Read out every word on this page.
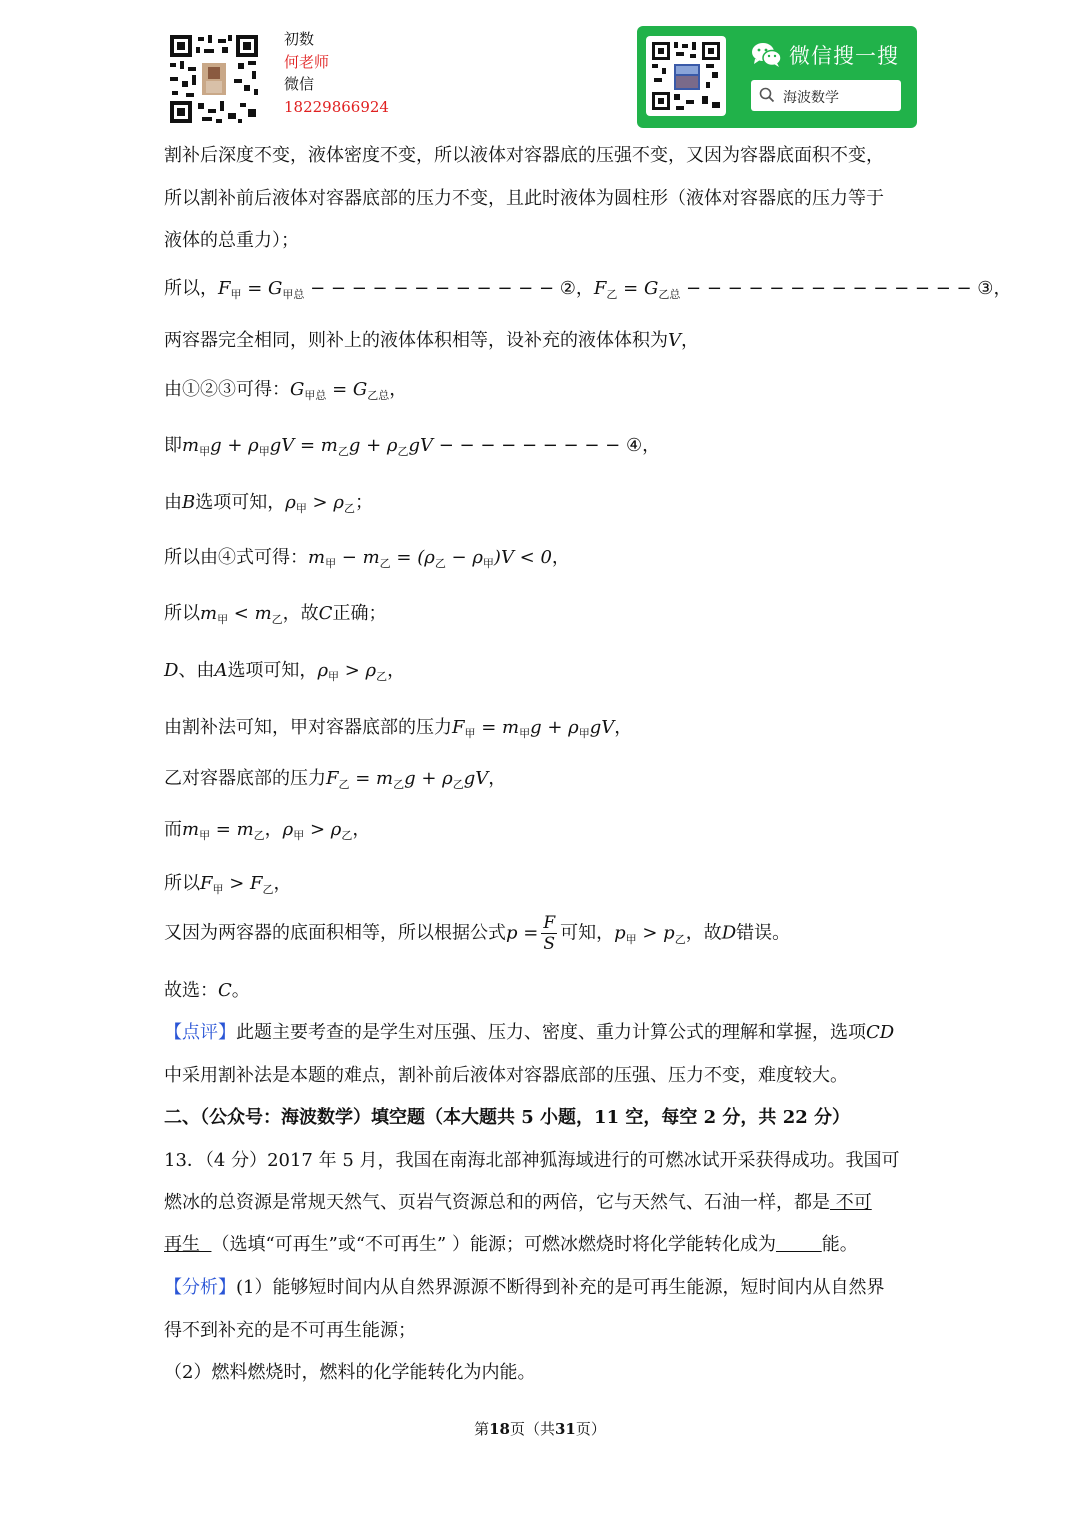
初数
何老师
微信
18229866924
微信搜一搜
海波数学
割补后深度不变，液体密度不变，所以液体对容器底的压强不变，又因为容器底面积不变，
所以割补前后液体对容器底部的压力不变，且此时液体为圆柱形（液体对容器底的压力等于
液体的总重力）；
所以，$F_甲 = G_{甲总}$ − − − − − − − − − − − − ②，$F_乙 = G_{乙总}$ − − − − − − − − − − − − − − ③，
两容器完全相同，则补上的液体体积相等，设补充的液体体积为V，
由①②③可得：$G_{甲总} = G_{乙总}$，
即$m_甲g + \rho_甲gV = m_乙g + \rho_乙gV$ − − − − − − − − − ④，
由B选项可知，$\rho_甲 > \rho_乙$；
所以由④式可得：$m_甲 - m_乙 = (\rho_乙 - \rho_甲)V < 0$，
所以$m_甲 < m_乙$，故C正确；
D、由A选项可知，$\rho_甲 > \rho_乙$，
由割补法可知，甲对容器底部的压力$F_甲 = m_甲g + \rho_甲gV$，
乙对容器底部的压力$F_乙 = m_乙g + \rho_乙gV$，
而$m_甲 = m_乙$，$\rho_甲 > \rho_乙$，
所以$F_甲 > F_乙$，
又因为两容器的底面积相等，所以根据公式$p = \frac{F}{S}$ 可知，$p_甲 > p_乙$，故D错误。
故选：C。
【点评】此题主要考查的是学生对压强、压力、密度、重力计算公式的理解和掌握，选项CD
中采用割补法是本题的难点，割补前后液体对容器底部的压强、压力不变，难度较大。
二、（公众号：海波数学）填空题（本大题共 5 小题，11 空，每空 2 分，共 22 分）
13．（4 分）2017 年 5 月，我国在南海北部神狐海域进行的可燃冰试开采获得成功。我国可
燃冰的总资源是常规天然气、页岩气资源总和的两倍，它与天然气、石油一样，都是 不可
再生  （选填“可再生”或“不可再生” ）能源；可燃冰燃烧时将化学能转化成为	能。
【分析】(1）能够短时间内从自然界源源不断得到补充的是可再生能源，短时间内从自然界
得不到补充的是不可再生能源；
（2）燃料燃烧时，燃料的化学能转化为内能。
第18页（共31页）
